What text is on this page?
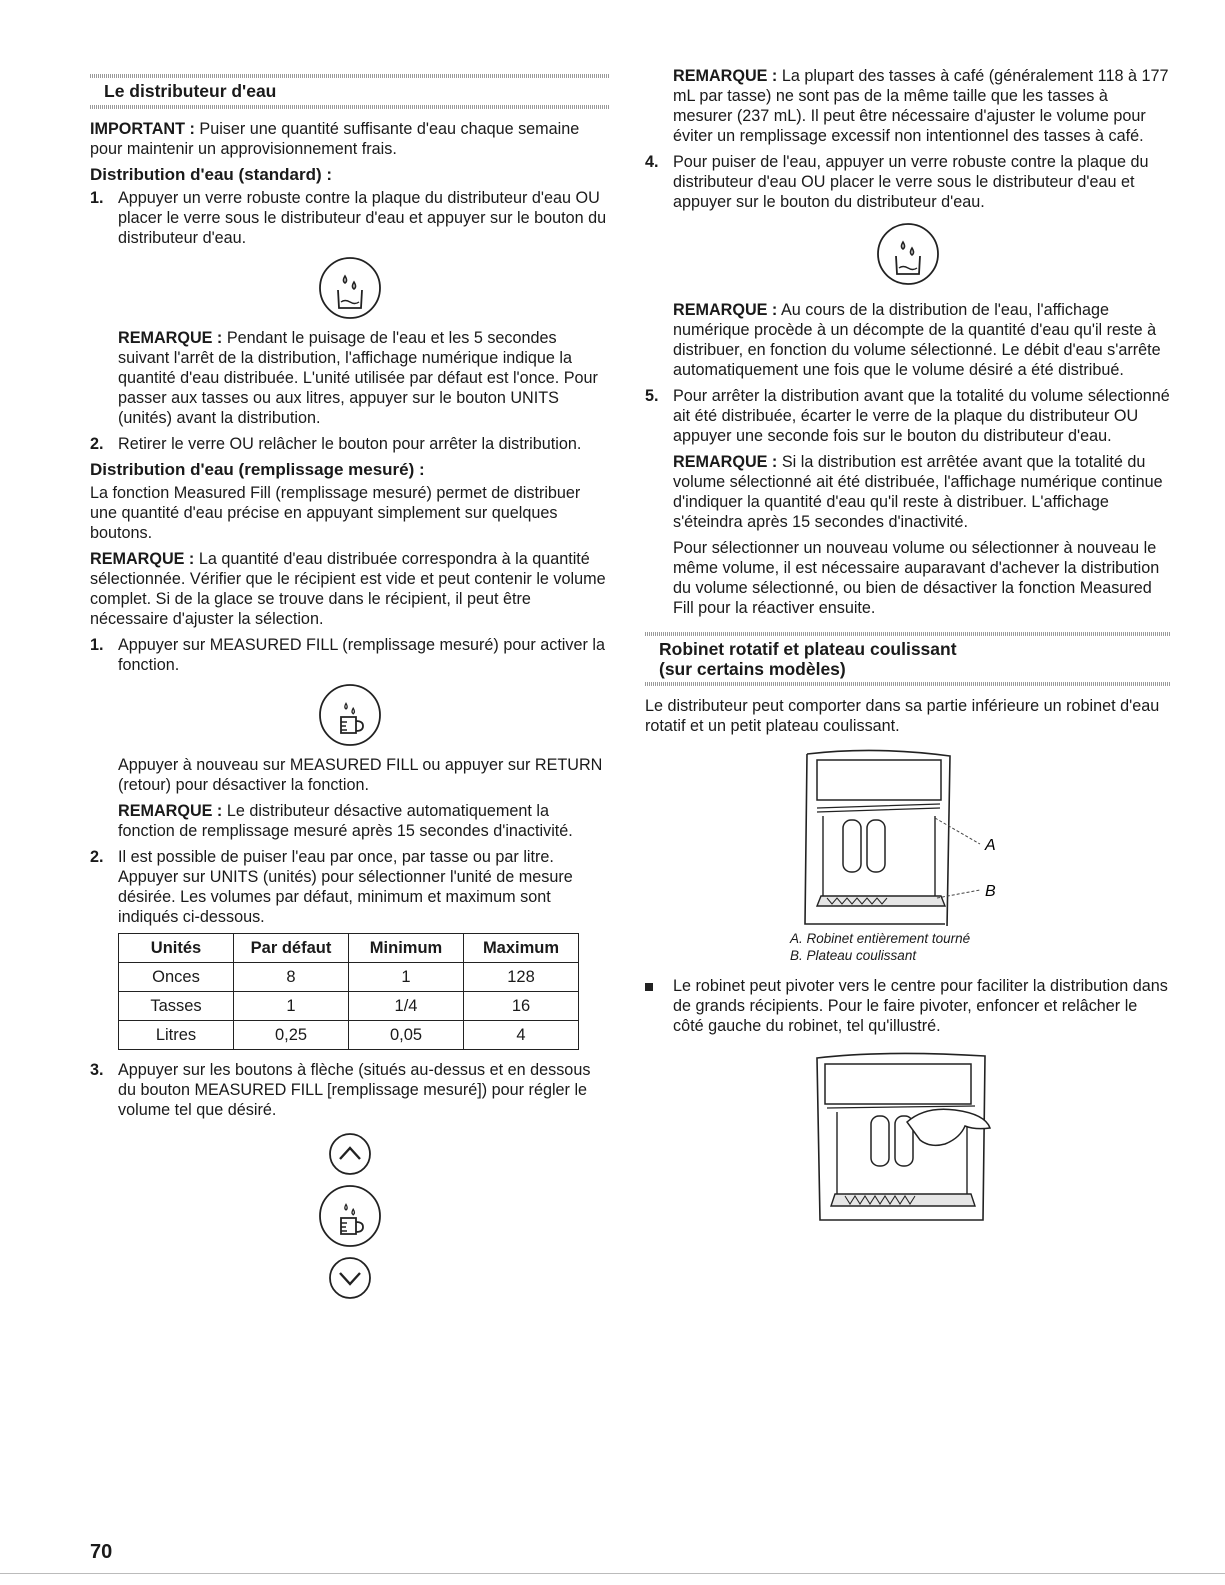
Le distributeur d'eau

IMPORTANT : Puiser une quantité suffisante d'eau chaque semaine pour maintenir un approvisionnement frais.

Distribution d'eau (standard) :
1. Appuyer un verre robuste contre la plaque du distributeur d'eau OU placer le verre sous le distributeur d'eau et appuyer sur le bouton du distributeur d'eau.

REMARQUE : Pendant le puisage de l'eau et les 5 secondes suivant l'arrêt de la distribution, l'affichage numérique indique la quantité d'eau distribuée. L'unité utilisée par défaut est l'once. Pour passer aux tasses ou aux litres, appuyer sur le bouton UNITS (unités) avant la distribution.

2. Retirer le verre OU relâcher le bouton pour arrêter la distribution.
Distribution d'eau (remplissage mesuré) :

La fonction Measured Fill (remplissage mesuré) permet de distribuer une quantité d'eau précise en appuyant simplement sur quelques boutons.

REMARQUE : La quantité d'eau distribuée correspondra à la quantité sélectionnée. Vérifier que le récipient est vide et peut contenir le volume complet. Si de la glace se trouve dans le récipient, il peut être nécessaire d'ajuster la sélection.

1. Appuyer sur MEASURED FILL (remplissage mesuré) pour activer la fonction.

Appuyer à nouveau sur MEASURED FILL ou appuyer sur RETURN (retour) pour désactiver la fonction.

REMARQUE : Le distributeur désactive automatiquement la fonction de remplissage mesuré après 15 secondes d'inactivité.

2. Il est possible de puiser l'eau par once, par tasse ou par litre. Appuyer sur UNITS (unités) pour sélectionner l'unité de mesure désirée. Les volumes par défaut, minimum et maximum sont indiqués ci-dessous.
Unités	Par défaut	Minimum	Maximum
Onces	8	1	128
Tasses	1	1/4	16
Litres	0,25	0,05	4
3. Appuyer sur les boutons à flèche (situés au-dessus et en dessous du bouton MEASURED FILL [remplissage mesuré]) pour régler le volume tel que désiré.

REMARQUE : La plupart des tasses à café (généralement 118 à 177 mL par tasse) ne sont pas de la même taille que les tasses à mesurer (237 mL). Il peut être nécessaire d'ajuster le volume pour éviter un remplissage excessif non intentionnel des tasses à café.

4. Pour puiser de l'eau, appuyer un verre robuste contre la plaque du distributeur d'eau OU placer le verre sous le distributeur d'eau et appuyer sur le bouton du distributeur d'eau.

REMARQUE : Au cours de la distribution de l'eau, l'affichage numérique procède à un décompte de la quantité d'eau qu'il reste à distribuer, en fonction du volume sélectionné. Le débit d'eau s'arrête automatiquement une fois que le volume désiré a été distribué.

5. Pour arrêter la distribution avant que la totalité du volume sélectionné ait été distribuée, écarter le verre de la plaque du distributeur OU appuyer une seconde fois sur le bouton du distributeur d'eau.

REMARQUE : Si la distribution est arrêtée avant que la totalité du volume sélectionné ait été distribuée, l'affichage numérique continue d'indiquer la quantité d'eau qu'il reste à distribuer. L'affichage s'éteindra après 15 secondes d'inactivité.

Pour sélectionner un nouveau volume ou sélectionner à nouveau le même volume, il est nécessaire auparavant d'achever la distribution du volume sélectionné, ou bien de désactiver la fonction Measured Fill pour la réactiver ensuite.

Robinet rotatif et plateau coulissant
(sur certains modèles)

Le distributeur peut comporter dans sa partie inférieure un robinet d'eau rotatif et un petit plateau coulissant.

A
B
A. Robinet entièrement tourné
B. Plateau coulissant
Le robinet peut pivoter vers le centre pour faciliter la distribution dans de grands récipients. Pour le faire pivoter, enfoncer et relâcher le côté gauche du robinet, tel qu'illustré.
70
